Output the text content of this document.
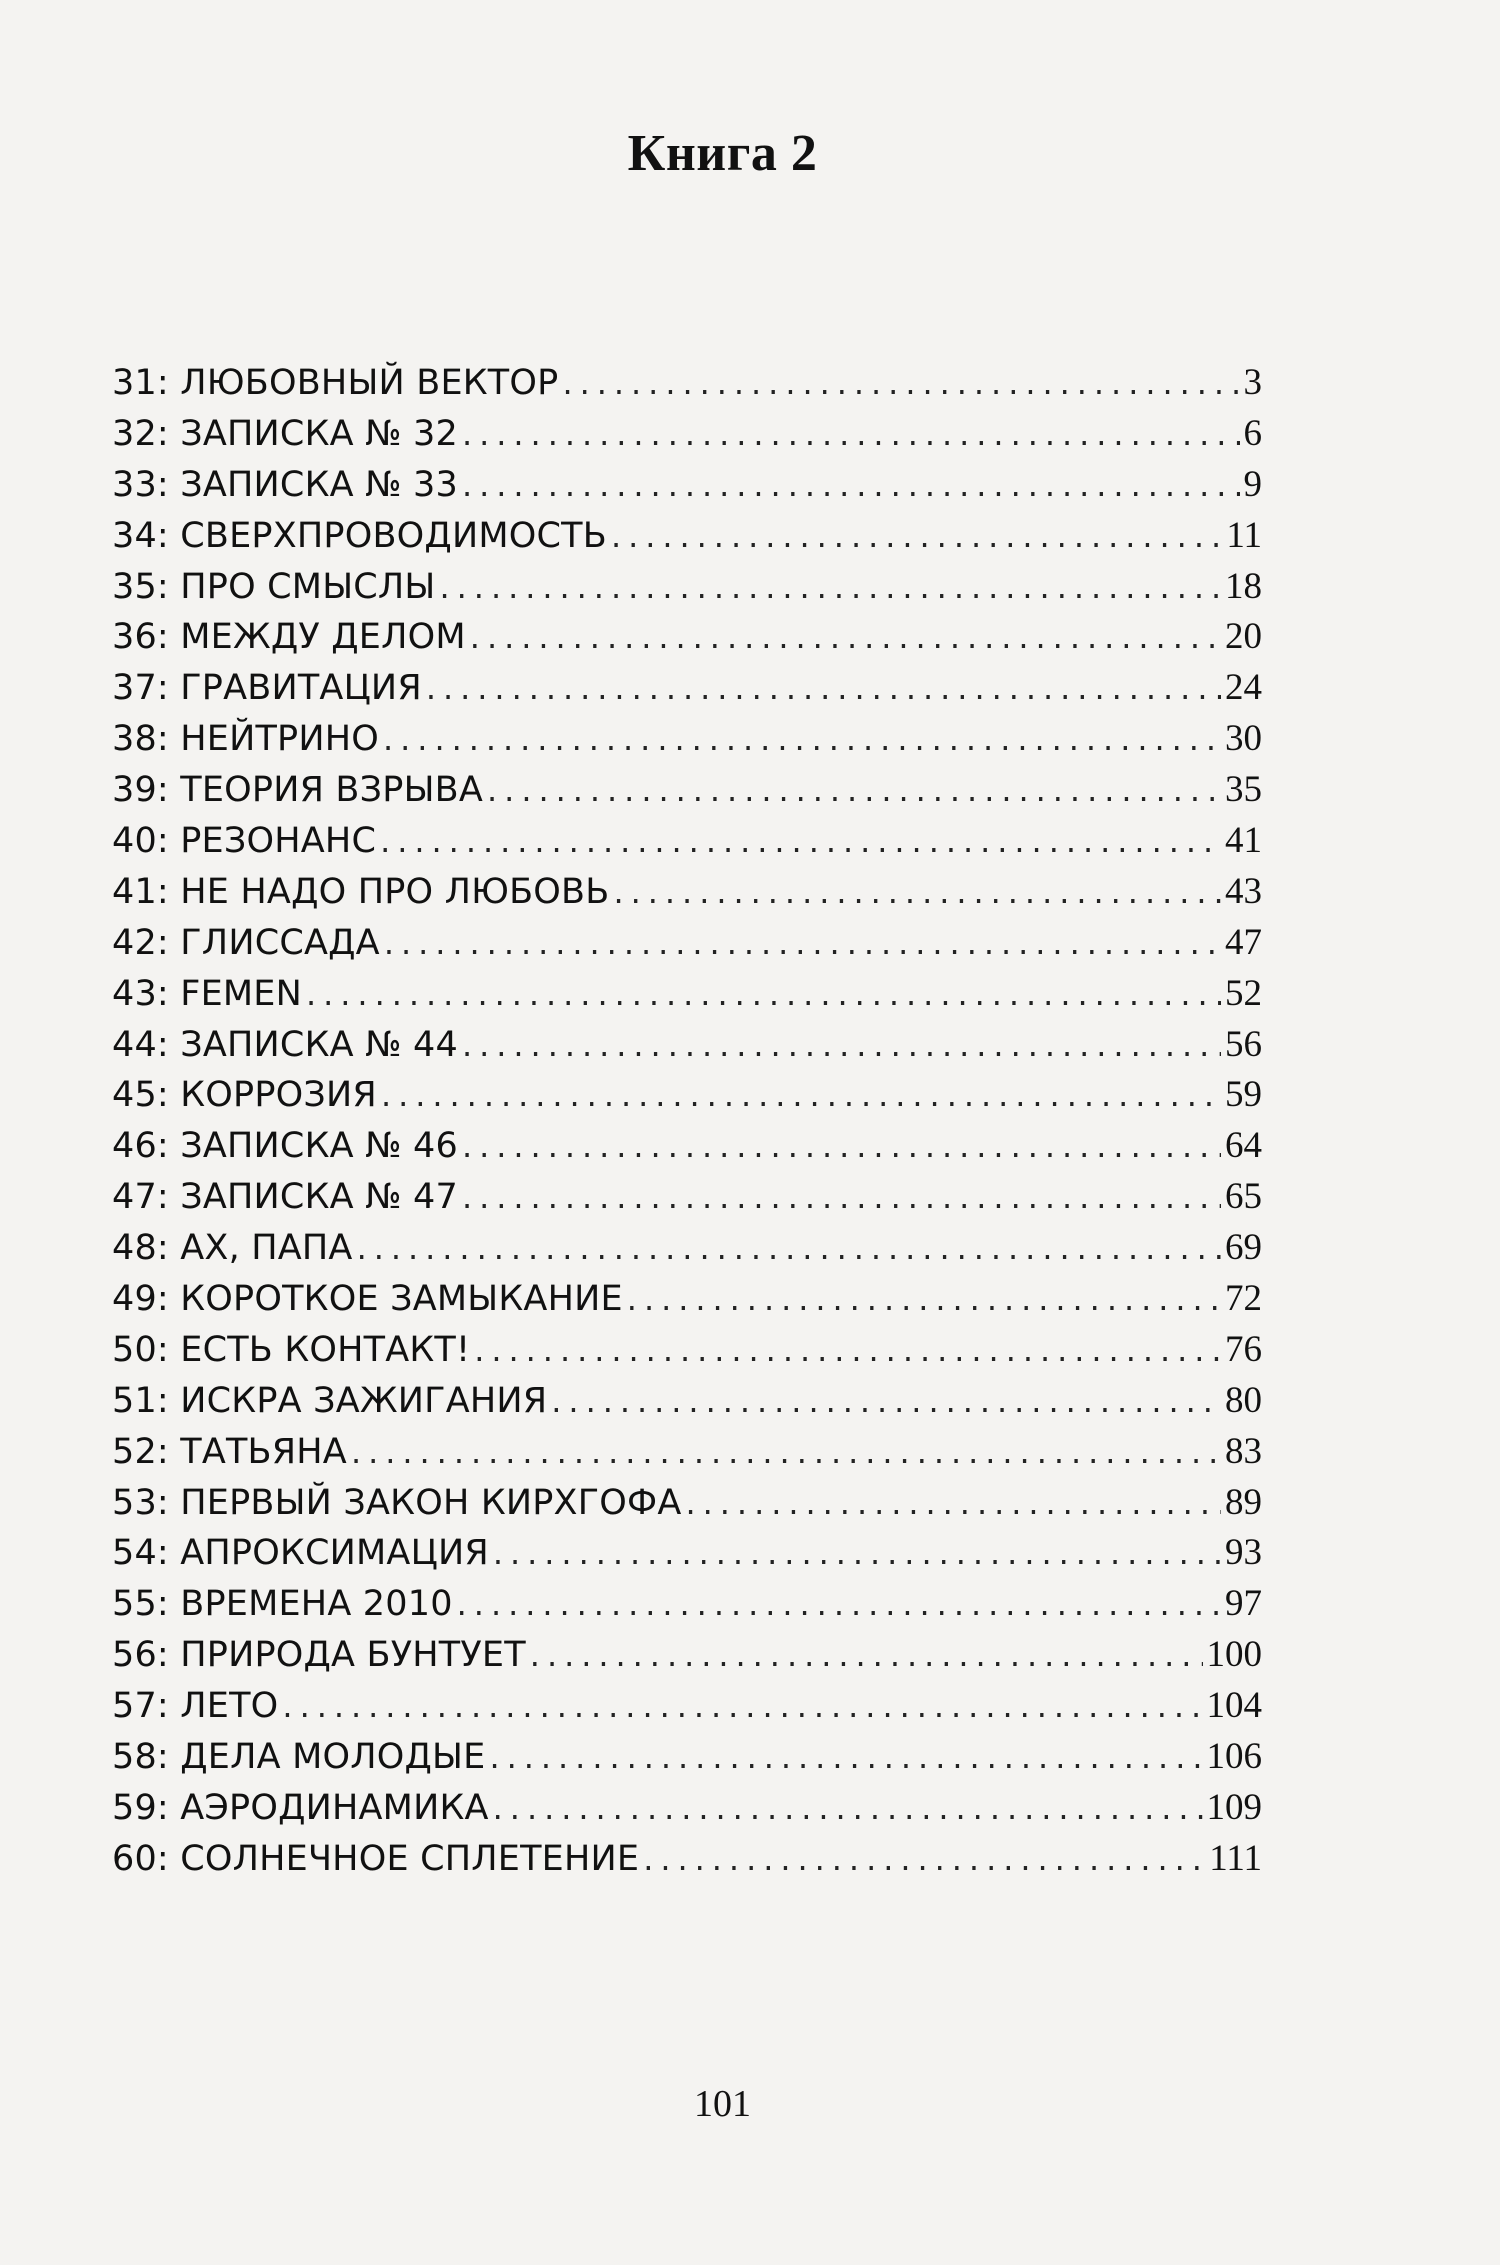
Книга 2
31: ЛЮБОВНЫЙ ВЕКТОР . . .	3
32: ЗАПИСКА № 32 . . .	6
33: ЗАПИСКА № 33 . . .	9
34: СВЕРХПРОВОДИМОСТЬ . . .	11
35: ПРО СМЫСЛЫ . . .	18
36: МЕЖДУ ДЕЛОМ . . .	20
37: ГРАВИТАЦИЯ . . .	24
38: НЕЙТРИНО . . .	30
39: ТЕОРИЯ ВЗРЫВА . . .	35
40: РЕЗОНАНС . . .	41
41: НЕ НАДО ПРО ЛЮБОВЬ . . .	43
42: ГЛИССАДА . . .	47
43: FEMEN . . .	52
44: ЗАПИСКА № 44 . . .	56
45: КОРРОЗИЯ . . .	59
46: ЗАПИСКА № 46 . . .	64
47: ЗАПИСКА № 47 . . .	65
48: АХ, ПАПА . . .	69
49: КОРОТКОЕ ЗАМЫКАНИЕ . . .	72
50: ЕСТЬ КОНТАКТ! . . .	76
51: ИСКРА ЗАЖИГАНИЯ . . .	80
52: ТАТЬЯНА . . .	83
53: ПЕРВЫЙ ЗАКОН КИРХГОФА . . .	89
54: АПРОКСИМАЦИЯ . . .	93
55: ВРЕМЕНА 2010 . . .	97
56: ПРИРОДА БУНТУЕТ . . .	100
57: ЛЕТО . . .	104
58: ДЕЛА МОЛОДЫЕ . . .	106
59: АЭРОДИНАМИКА . . .	109
60: СОЛНЕЧНОЕ СПЛЕТЕНИЕ . . .	111
101
